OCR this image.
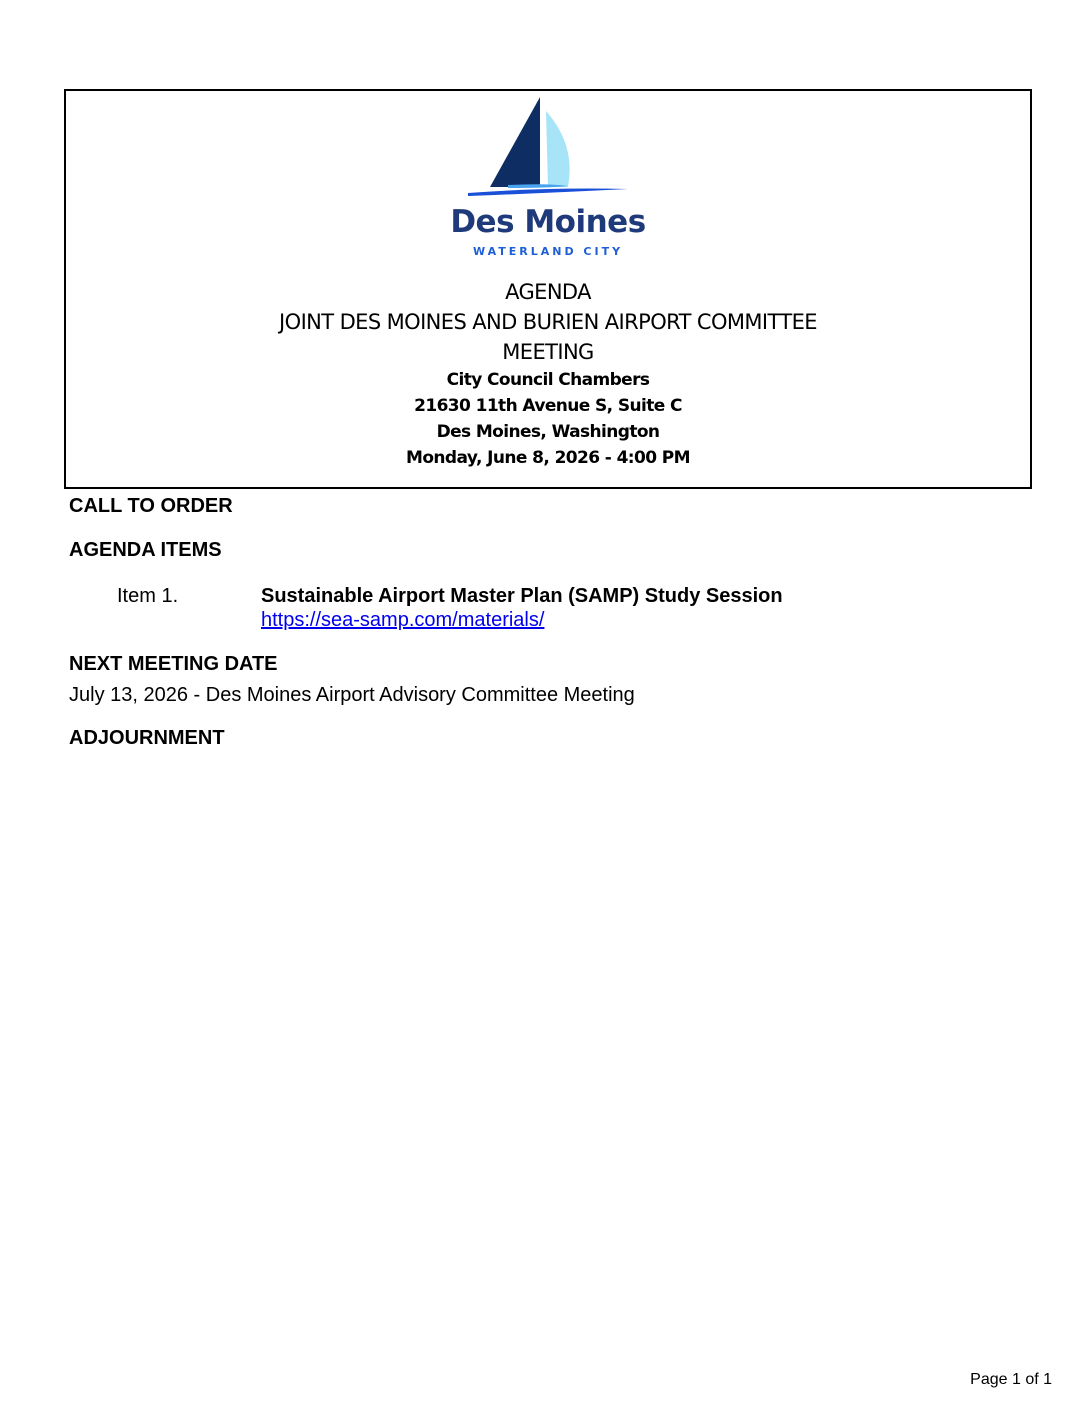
Des Moines
WATERLAND CITY
AGENDA
JOINT DES MOINES AND BURIEN AIRPORT COMMITTEE
MEETING
City Council Chambers
21630 11th Avenue S, Suite C
Des Moines, Washington
Monday, June 8, 2026 - 4:00 PM
CALL TO ORDER
AGENDA ITEMS
Item 1.	Sustainable Airport Master Plan (SAMP) Study Session
https://sea-samp.com/materials/
NEXT MEETING DATE
July 13, 2026 - Des Moines Airport Advisory Committee Meeting
ADJOURNMENT
Page 1 of 1
